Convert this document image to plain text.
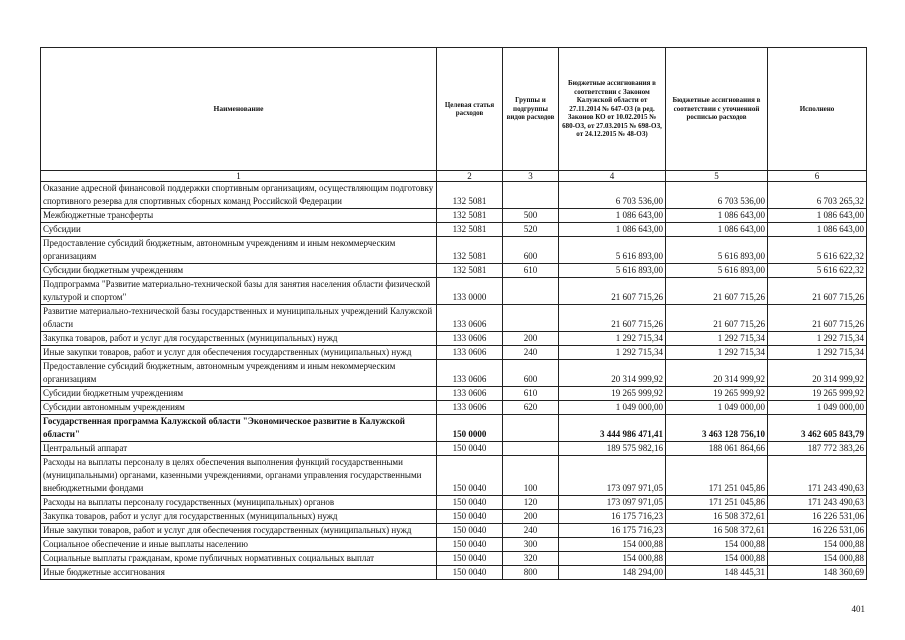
Наименование	Целевая статья расходов	Группы и подгруппы видов расходов	Бюджетные ассигнования в соответствии с Законом Калужской области от 27.11.2014 № 647-ОЗ (в ред. Законов КО от 10.02.2015 № 680-ОЗ, от 27.03.2015 № 698-ОЗ, от 24.12.2015 № 48-ОЗ)	Бюджетные ассигнования в соответствии с уточненной росписью расходов	Исполнено
1	2	3	4	5	6
Оказание адресной финансовой поддержки спортивным организациям, осуществляющим подготовку спортивного резерва для спортивных сборных команд Российской Федерации	132 5081		6 703 536,00	6 703 536,00	6 703 265,32
Межбюджетные трансферты	132 5081	500	1 086 643,00	1 086 643,00	1 086 643,00
Субсидии	132 5081	520	1 086 643,00	1 086 643,00	1 086 643,00
Предоставление субсидий бюджетным, автономным учреждениям и иным некоммерческим организациям	132 5081	600	5 616 893,00	5 616 893,00	5 616 622,32
Субсидии бюджетным учреждениям	132 5081	610	5 616 893,00	5 616 893,00	5 616 622,32
Подпрограмма "Развитие материально-технической базы для занятия населения области физической культурой и спортом"	133 0000		21 607 715,26	21 607 715,26	21 607 715,26
Развитие материально-технической базы государственных и муниципальных учреждений Калужской области	133 0606		21 607 715,26	21 607 715,26	21 607 715,26
Закупка товаров, работ и услуг для государственных (муниципальных) нужд	133 0606	200	1 292 715,34	1 292 715,34	1 292 715,34
Иные закупки товаров, работ и услуг для обеспечения государственных (муниципальных) нужд	133 0606	240	1 292 715,34	1 292 715,34	1 292 715,34
Предоставление субсидий бюджетным, автономным учреждениям и иным некоммерческим организациям	133 0606	600	20 314 999,92	20 314 999,92	20 314 999,92
Субсидии бюджетным учреждениям	133 0606	610	19 265 999,92	19 265 999,92	19 265 999,92
Субсидии автономным учреждениям	133 0606	620	1 049 000,00	1 049 000,00	1 049 000,00
Государственная программа Калужской области "Экономическое развитие в Калужской области"	150 0000		3 444 986 471,41	3 463 128 756,10	3 462 605 843,79
Центральный аппарат	150 0040		189 575 982,16	188 061 864,66	187 772 383,26
Расходы на выплаты персоналу в целях обеспечения выполнения функций государственными (муниципальными) органами, казенными учреждениями, органами управления государственными внебюджетными фондами	150 0040	100	173 097 971,05	171 251 045,86	171 243 490,63
Расходы на выплаты персоналу государственных (муниципальных) органов	150 0040	120	173 097 971,05	171 251 045,86	171 243 490,63
Закупка товаров, работ и услуг для государственных (муниципальных) нужд	150 0040	200	16 175 716,23	16 508 372,61	16 226 531,06
Иные закупки товаров, работ и услуг для обеспечения государственных (муниципальных) нужд	150 0040	240	16 175 716,23	16 508 372,61	16 226 531,06
Социальное обеспечение и иные выплаты населению	150 0040	300	154 000,88	154 000,88	154 000,88
Социальные выплаты гражданам, кроме публичных нормативных социальных выплат	150 0040	320	154 000,88	154 000,88	154 000,88
Иные бюджетные ассигнования	150 0040	800	148 294,00	148 445,31	148 360,69
401
